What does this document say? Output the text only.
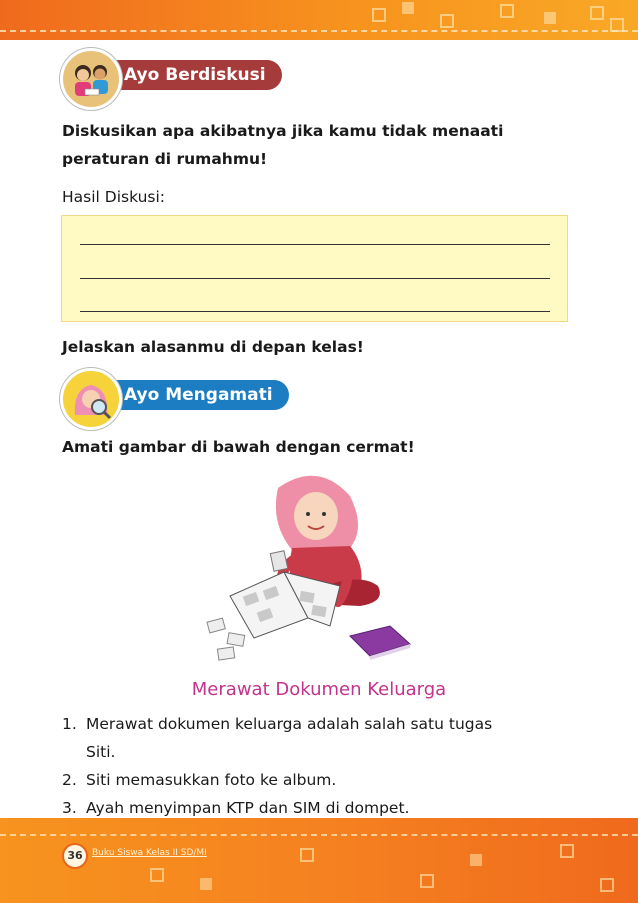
Ayo Berdiskusi
Diskusikan apa akibatnya jika kamu tidak menaati
peraturan di rumahmu!
Hasil Diskusi:
Jelaskan alasanmu di depan kelas!
Ayo Mengamati
Amati gambar di bawah dengan cermat!
Merawat Dokumen Keluarga
1. Merawat dokumen keluarga adalah salah satu tugas
Siti.
2. Siti memasukkan foto ke album.
3. Ayah menyimpan KTP dan SIM di dompet.
36	Buku Siswa Kelas II SD/MI
